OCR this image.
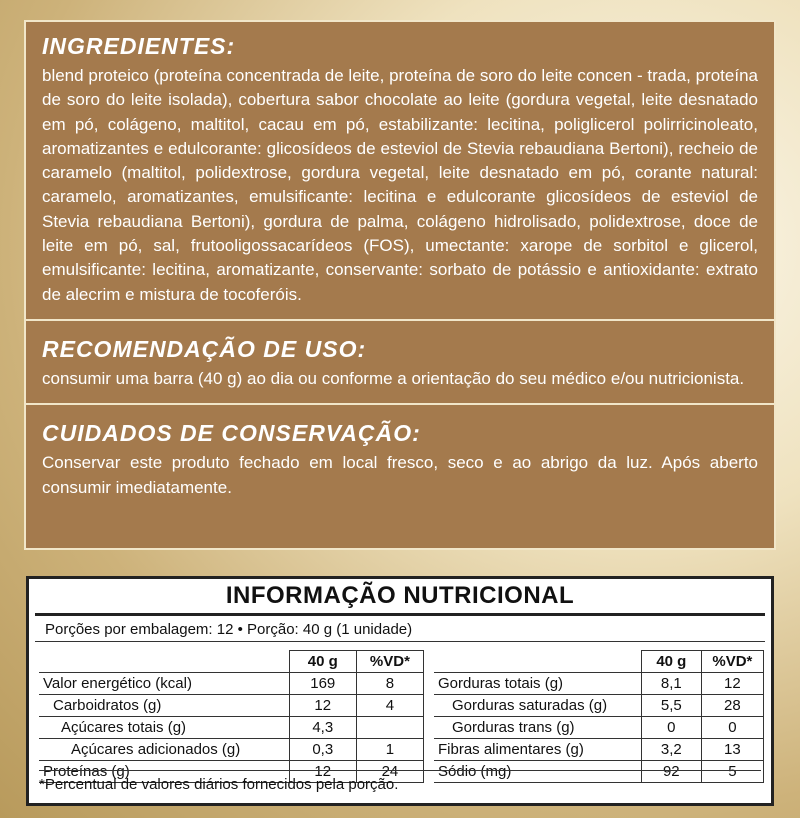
INGREDIENTES:

blend proteico (proteína concentrada de leite, proteína de soro do leite concen - trada, proteína de soro do leite isolada), cobertura sabor chocolate ao leite (gordura vegetal, leite desnatado em pó, colágeno, maltitol, cacau em pó, estabilizante: lecitina, poliglicerol polirricinoleato, aromatizantes e edulcorante: glicosídeos de esteviol de Stevia rebaudiana Bertoni), recheio de caramelo (maltitol, polidextrose, gordura vegetal, leite desnatado em pó, corante natural: caramelo, aromatizantes, emulsificante: lecitina e edulcorante glicosídeos de esteviol de Stevia rebaudiana Bertoni), gordura de palma, colágeno hidrolisado, polidextrose, doce de leite em pó, sal, frutooligossacarídeos (FOS), umectante: xarope de sorbitol e glicerol, emulsificante: lecitina, aromatizante, conservante: sorbato de potássio e antioxidante: extrato de alecrim e mistura de tocoferóis.

RECOMENDAÇÃO DE USO:

consumir uma barra (40 g) ao dia ou conforme a orientação do seu médico e/ou nutricionista.

CUIDADOS DE CONSERVAÇÃO:

Conservar este produto fechado em local fresco, seco e ao abrigo da luz. Após aberto consumir imediatamente.

INFORMAÇÃO NUTRICIONAL
Porções por embalagem: 12 • Porção: 40 g (1 unidade)
	40 g	%VD*
Valor energético (kcal)	169	8
Carboidratos (g)	12	4
Açúcares totais (g)	4,3	
Açúcares adicionados (g)	0,3	1
Proteínas (g)	12	24
	40 g	%VD*
Gorduras totais (g)	8,1	12
Gorduras saturadas (g)	5,5	28
Gorduras trans (g)	0	0
Fibras alimentares (g)	3,2	13
Sódio (mg)	92	5
*Percentual de valores diários fornecidos pela porção.
